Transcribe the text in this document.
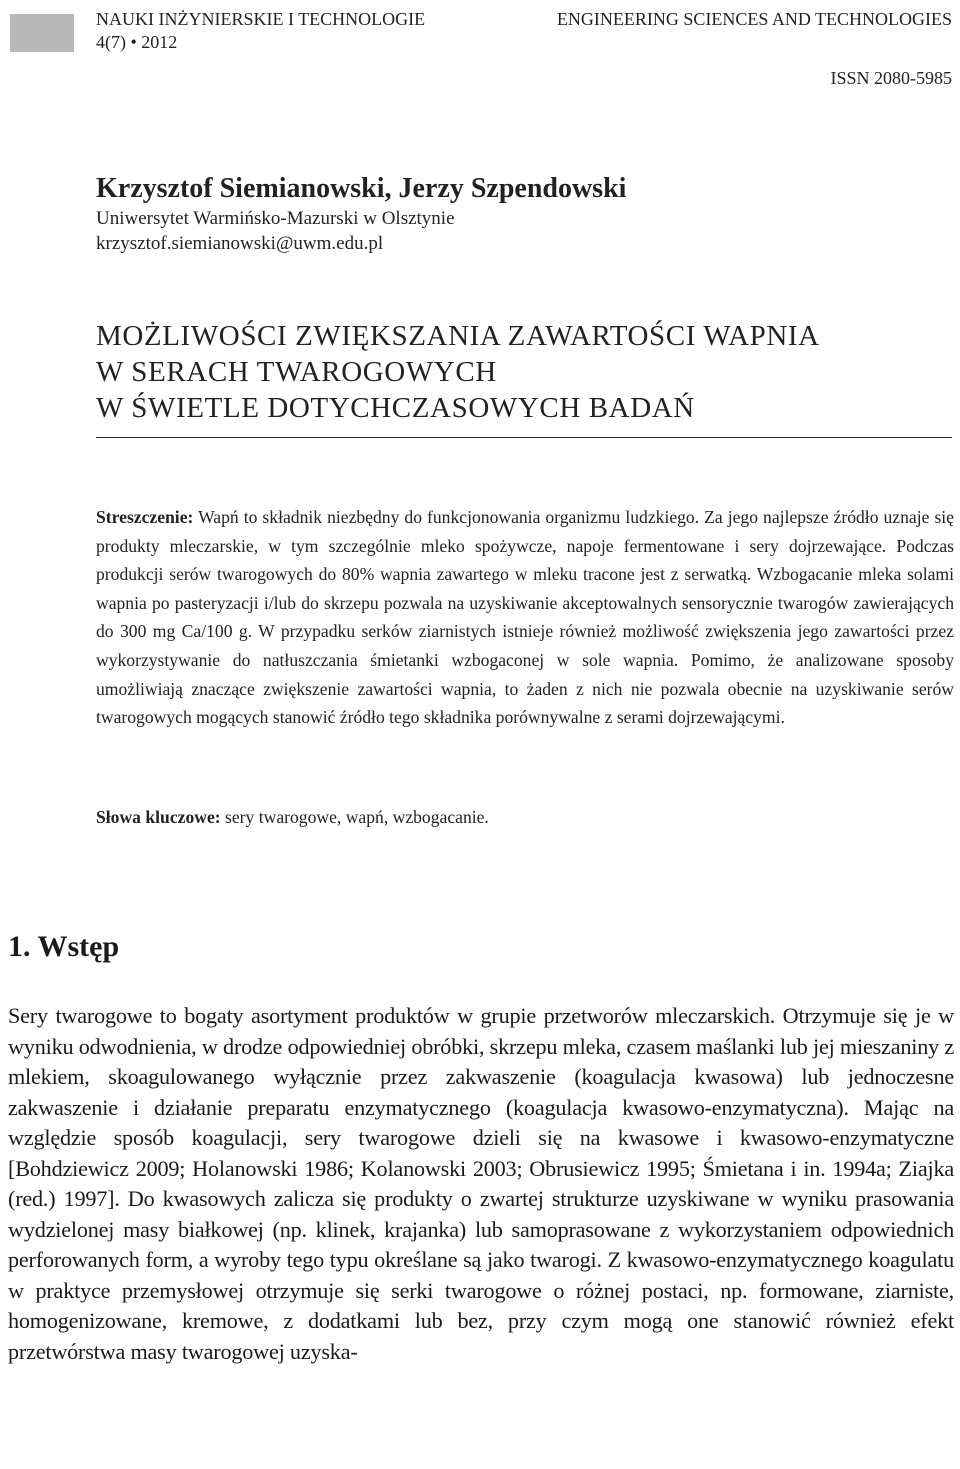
NAUKI INŻYNIERSKIE I TECHNOLOGIE
4(7) • 2012
ENGINEERING SCIENCES AND TECHNOLOGIES
ISSN 2080-5985
Krzysztof Siemianowski, Jerzy Szpendowski
Uniwersytet Warmińsko-Mazurski w Olsztynie
krzysztof.siemianowski@uwm.edu.pl
MOŻLIWOŚCI ZWIĘKSZANIA ZAWARTOŚCI WAPNIA
W SERACH TWAROGOWYCH
W ŚWIETLE DOTYCHCZASOWYCH BADAŃ
Streszczenie: Wapń to składnik niezbędny do funkcjonowania organizmu ludzkiego. Za jego najlepsze źródło uznaje się produkty mleczarskie, w tym szczególnie mleko spożywcze, napoje fermentowane i sery dojrzewające. Podczas produkcji serów twarogowych do 80% wapnia zawartego w mleku tracone jest z serwatką. Wzbogacanie mleka solami wapnia po pasteryzacji i/lub do skrzepu pozwala na uzyskiwanie akceptowalnych sensorycznie twarogów zawierających do 300 mg Ca/100 g. W przypadku serków ziarnistych istnieje również możliwość zwiększenia jego zawartości przez wykorzystywanie do natłuszczania śmietanki wzbogaconej w sole wapnia. Pomimo, że analizowane sposoby umożliwiają znaczące zwiększenie zawartości wapnia, to żaden z nich nie pozwala obecnie na uzyskiwanie serów twarogowych mogących stanowić źródło tego składnika porównywalne z serami dojrzewającymi.
Słowa kluczowe: sery twarogowe, wapń, wzbogacanie.
1. Wstęp
Sery twarogowe to bogaty asortyment produktów w grupie przetworów mleczarskich. Otrzymuje się je w wyniku odwodnienia, w drodze odpowiedniej obróbki, skrzepu mleka, czasem maślanki lub jej mieszaniny z mlekiem, skoagulowanego wyłącznie przez zakwaszenie (koagulacja kwasowa) lub jednoczesne zakwaszenie i działanie preparatu enzymatycznego (koagulacja kwasowo-enzymatyczna). Mając na względzie sposób koagulacji, sery twarogowe dzieli się na kwasowe i kwasowo-enzymatyczne [Bohdziewicz 2009; Holanowski 1986; Kolanowski 2003; Obrusiewicz 1995; Śmietana i in. 1994a; Ziajka (red.) 1997]. Do kwasowych zalicza się produkty o zwartej strukturze uzyskiwane w wyniku prasowania wydzielonej masy białkowej (np. klinek, krajanka) lub samoprasowane z wykorzystaniem odpowiednich perforowanych form, a wyroby tego typu określane są jako twarogi. Z kwasowo-enzymatycznego koagulatu w praktyce przemysłowej otrzymuje się serki twarogowe o różnej postaci, np. formowane, ziarniste, homogenizowane, kremowe, z dodatkami lub bez, przy czym mogą one stanowić również efekt przetwórstwa masy twarogowej uzyska-
